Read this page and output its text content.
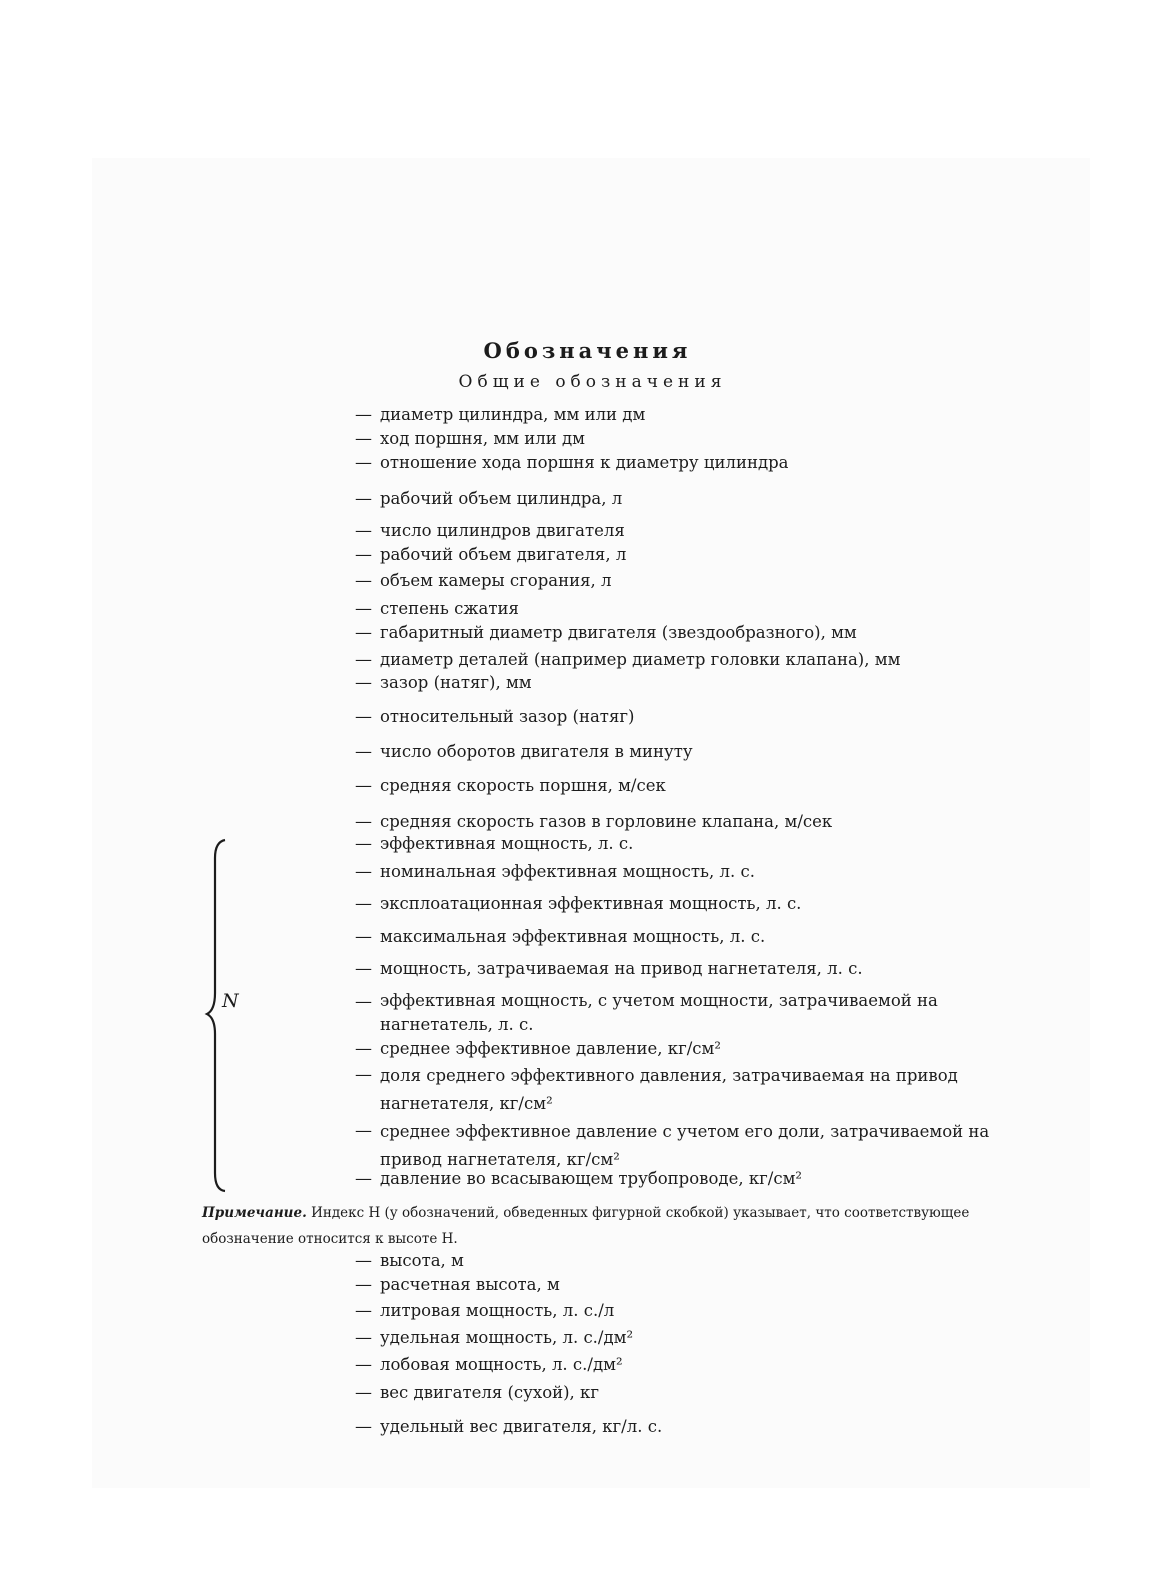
Обозначения
Общие обозначения
— диаметр цилиндра, мм или дм
— ход поршня, мм или дм
— отношение хода поршня к диаметру цилиндра
— рабочий объем цилиндра, л
— число цилиндров двигателя
— рабочий объем двигателя, л
— объем камеры сгорания, л
— степень сжатия
— габаритный диаметр двигателя (звездообразного), мм
— диаметр деталей (например диаметр головки клапана), мм
— зазор (натяг), мм
— относительный зазор (натяг)
— число оборотов двигателя в минуту
— средняя скорость поршня, м/сек
— средняя скорость газов в горловине клапана, м/сек
N
— эффективная мощность, л. с.
— номинальная эффективная мощность, л. с.
— эксплоатационная эффективная мощность, л. с.
— максимальная эффективная мощность, л. с.
— мощность, затрачиваемая на привод нагнетателя, л. с.
— эффективная мощность, с учетом мощности, затрачиваемой на нагнетатель, л. с.
— среднее эффективное давление, кг/см²
— доля среднего эффективного давления, затрачиваемая на привод нагнетателя, кг/см²
— среднее эффективное давление с учетом его доли, затрачиваемой на привод нагнетателя, кг/см²
— давление во всасывающем трубопроводе, кг/см²
Примечание. Индекс H (у обозначений, обведенных фигурной скобкой) указывает, что соответствующее обозначение относится к высоте H.
— высота, м
— расчетная высота, м
— литровая мощность, л. с./л
— удельная мощность, л. с./дм²
— лобовая мощность, л. с./дм²
— вес двигателя (сухой), кг
— удельный вес двигателя, кг/л. с.
